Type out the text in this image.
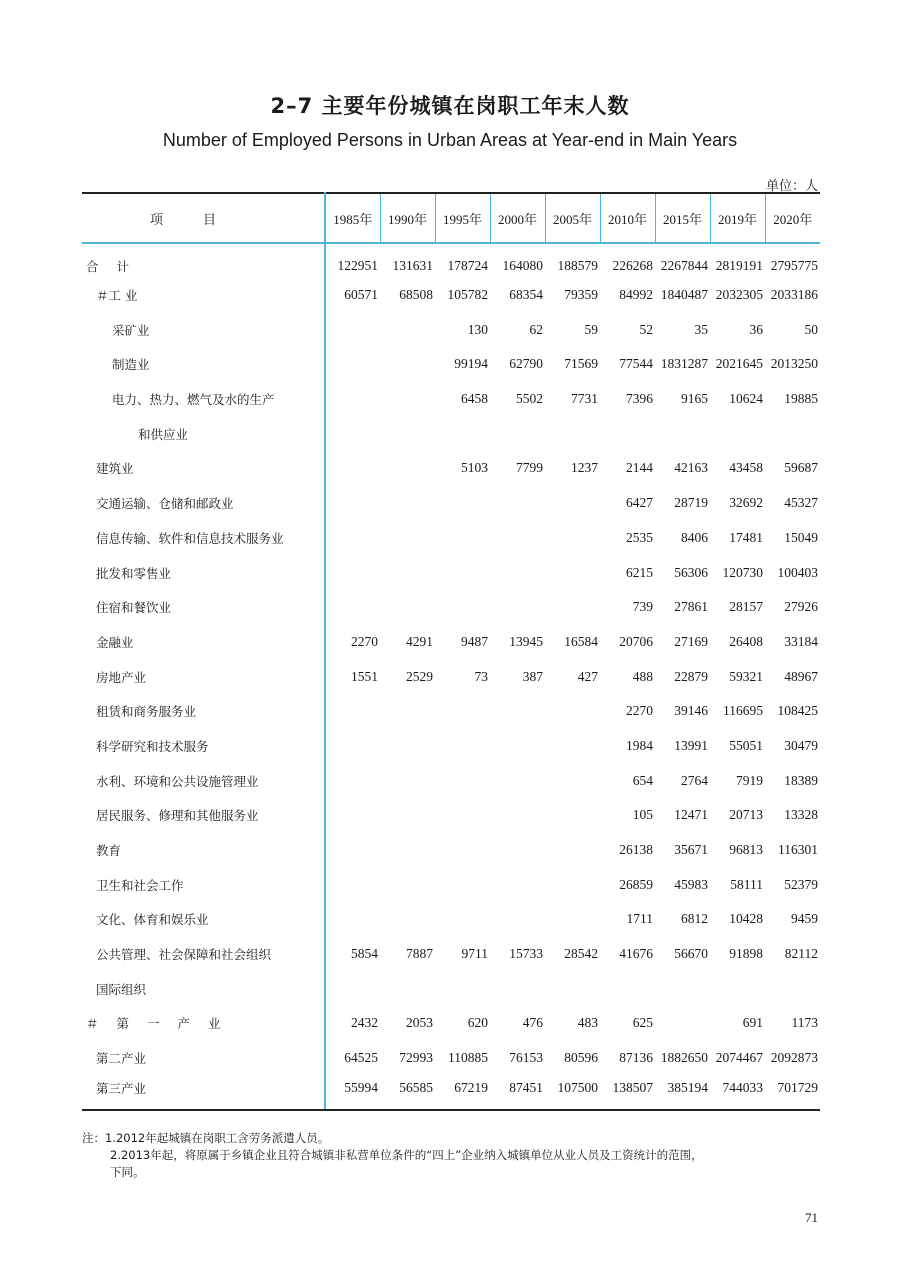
2–7 主要年份城镇在岗职工年末人数
Number of Employed Persons in Urban Areas at Year-end in Main Years
单位：人
项目	1985年	1990年	1995年	2000年	2005年	2010年	2015年	2019年	2020年
合计	122951	131631	178724	164080	188579	226268	2267844	2819191	2795775
＃工 业	60571	68508	105782	68354	79359	84992	1840487	2032305	2033186
采矿业			130	62	59	52	35	36	50
制造业			99194	62790	71569	77544	1831287	2021645	2013250
电力、热力、燃气及水的生产			6458	5502	7731	7396	9165	10624	19885
和供应业									
建筑业			5103	7799	1237	2144	42163	43458	59687
交通运输、仓储和邮政业						6427	28719	32692	45327
信息传输、软件和信息技术服务业						2535	8406	17481	15049
批发和零售业						6215	56306	120730	100403
住宿和餐饮业						739	27861	28157	27926
金融业	2270	4291	9487	13945	16584	20706	27169	26408	33184
房地产业	1551	2529	73	387	427	488	22879	59321	48967
租赁和商务服务业						2270	39146	116695	108425
科学研究和技术服务						1984	13991	55051	30479
水利、环境和公共设施管理业						654	2764	7919	18389
居民服务、修理和其他服务业						105	12471	20713	13328
教育						26138	35671	96813	116301
卫生和社会工作						26859	45983	58111	52379
文化、体育和娱乐业						1711	6812	10428	9459
公共管理、社会保障和社会组织	5854	7887	9711	15733	28542	41676	56670	91898	82112
国际组织									
＃第一产业	2432	2053	620	476	483	625		691	1173
第二产业	64525	72993	110885	76153	80596	87136	1882650	2074467	2092873
第三产业	55994	56585	67219	87451	107500	138507	385194	744033	701729
注：1.2012年起城镇在岗职工含劳务派遣人员。
2.2013年起，将原属于乡镇企业且符合城镇非私营单位条件的“四上”企业纳入城镇单位从业人员及工资统计的范围，
下同。
71
